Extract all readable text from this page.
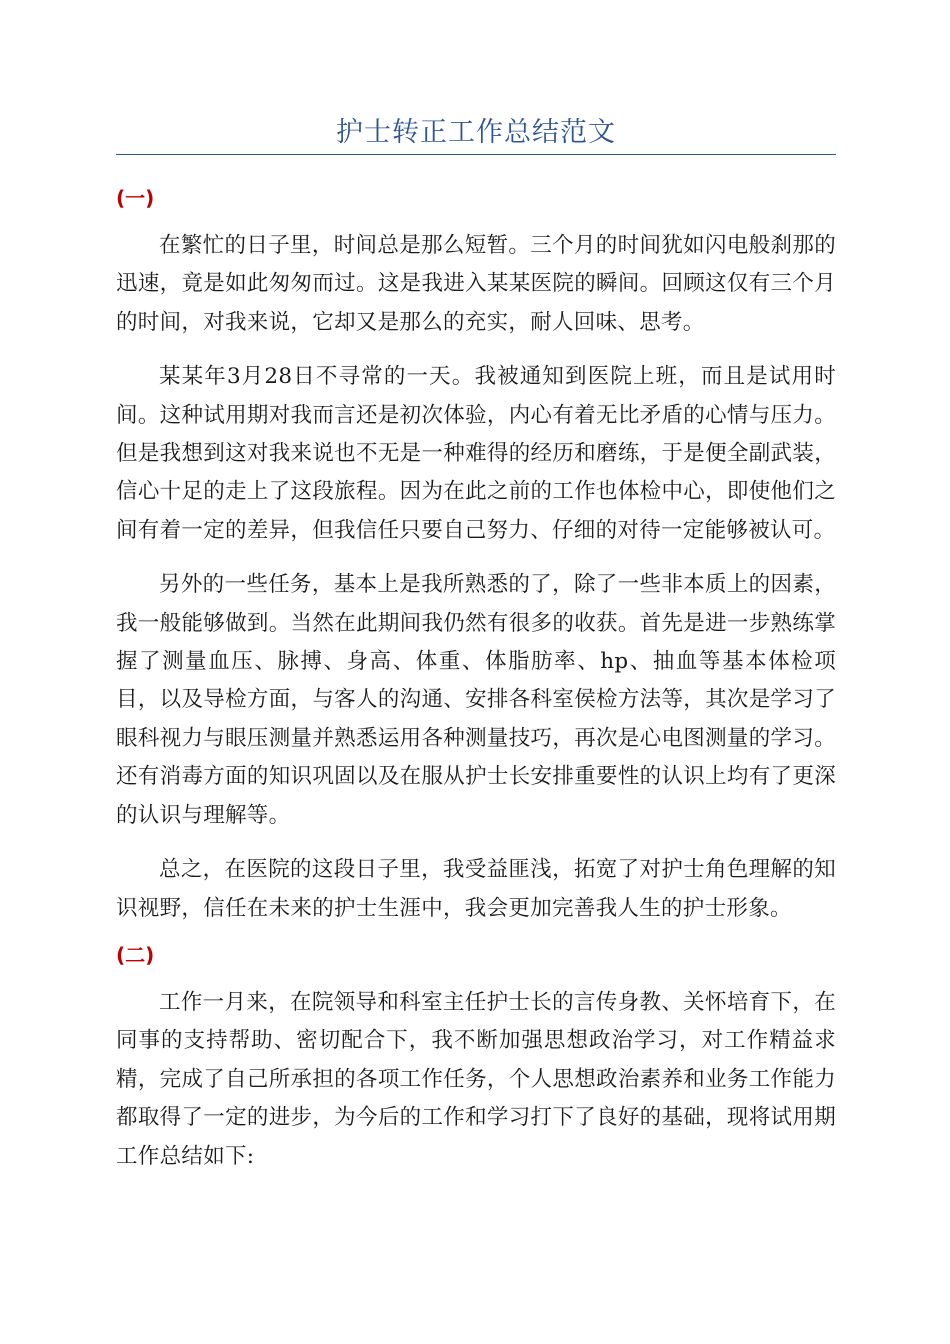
护士转正工作总结范文
(一)

在繁忙的日子里，时间总是那么短暂。三个月的时间犹如闪电般刹那的迅速，竟是如此匆匆而过。这是我进入某某医院的瞬间。回顾这仅有三个月的时间，对我来说，它却又是那么的充实，耐人回味、思考。

某某年3月28日不寻常的一天。我被通知到医院上班，而且是试用时间。这种试用期对我而言还是初次体验，内心有着无比矛盾的心情与压力。但是我想到这对我来说也不无是一种难得的经历和磨练，于是便全副武装，信心十足的走上了这段旅程。因为在此之前的工作也体检中心，即使他们之间有着一定的差异，但我信任只要自己努力、仔细的对待一定能够被认可。

另外的一些任务，基本上是我所熟悉的了，除了一些非本质上的因素，我一般能够做到。当然在此期间我仍然有很多的收获。首先是进一步熟练掌握了测量血压、脉搏、身高、体重、体脂肪率、hp、抽血等基本体检项目，以及导检方面，与客人的沟通、安排各科室侯检方法等，其次是学习了眼科视力与眼压测量并熟悉运用各种测量技巧，再次是心电图测量的学习。还有消毒方面的知识巩固以及在服从护士长安排重要性的认识上均有了更深的认识与理解等。

总之，在医院的这段日子里，我受益匪浅，拓宽了对护士角色理解的知识视野，信任在未来的护士生涯中，我会更加完善我人生的护士形象。

(二)

工作一月来，在院领导和科室主任护士长的言传身教、关怀培育下，在同事的支持帮助、密切配合下，我不断加强思想政治学习，对工作精益求精，完成了自己所承担的各项工作任务，个人思想政治素养和业务工作能力都取得了一定的进步，为今后的工作和学习打下了良好的基础，现将试用期工作总结如下:
